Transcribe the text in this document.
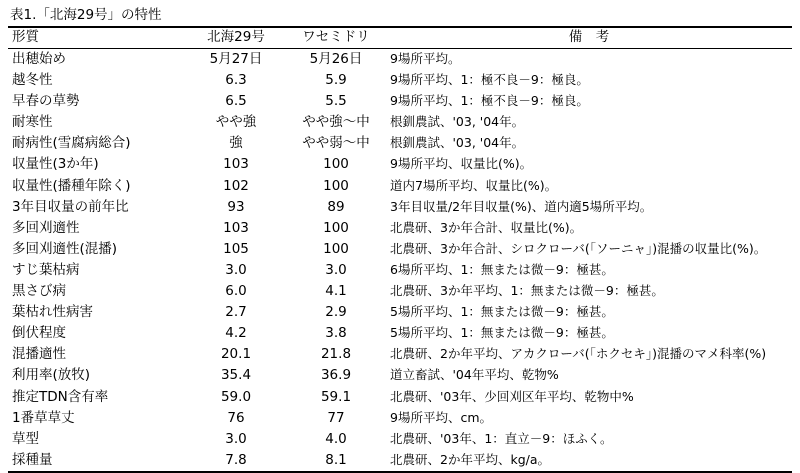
表1.「北海29号」の特性
形質	北海29号	ワセミドリ	備　考
出穂始め	5月27日	5月26日	9場所平均。
越冬性	6.3	5.9	9場所平均、1：極不良－9：極良。
早春の草勢	6.5	5.5	9場所平均、1：極不良－9：極良。
耐寒性	やや強	やや強～中	根釧農試、'03, '04年。
耐病性(雪腐病総合)	強	やや弱～中	根釧農試、'03, '04年。
収量性(3か年)	103	100	9場所平均、収量比(%)。
収量性(播種年除く)	102	100	道内7場所平均、収量比(%)。
3年目収量の前年比	93	89	3年目収量/2年目収量(%)、道内適5場所平均。
多回刈適性	103	100	北農研、3か年合計、収量比(%)。
多回刈適性(混播)	105	100	北農研、3か年合計、シロクローバ(「ソーニャ」)混播の収量比(%)。
すじ葉枯病	3.0	3.0	6場所平均、1：無または微－9：極甚。
黒さび病	6.0	4.1	北農研、3か年平均、1：無または微－9：極甚。
葉枯れ性病害	2.7	2.9	5場所平均、1：無または微－9：極甚。
倒伏程度	4.2	3.8	5場所平均、1：無または微－9：極甚。
混播適性	20.1	21.8	北農研、2か年平均、アカクローバ(「ホクセキ」)混播のマメ科率(%)
利用率(放牧)	35.4	36.9	道立畜試、'04年平均、乾物%
推定TDN含有率	59.0	59.1	北農研、'03年、少回刈区年平均、乾物中%
1番草草丈	76	77	9場所平均、cm。
草型	3.0	4.0	北農研、'03年、1：直立－9：ほふく。
採種量	7.8	8.1	北農研、2か年平均、kg/a。
